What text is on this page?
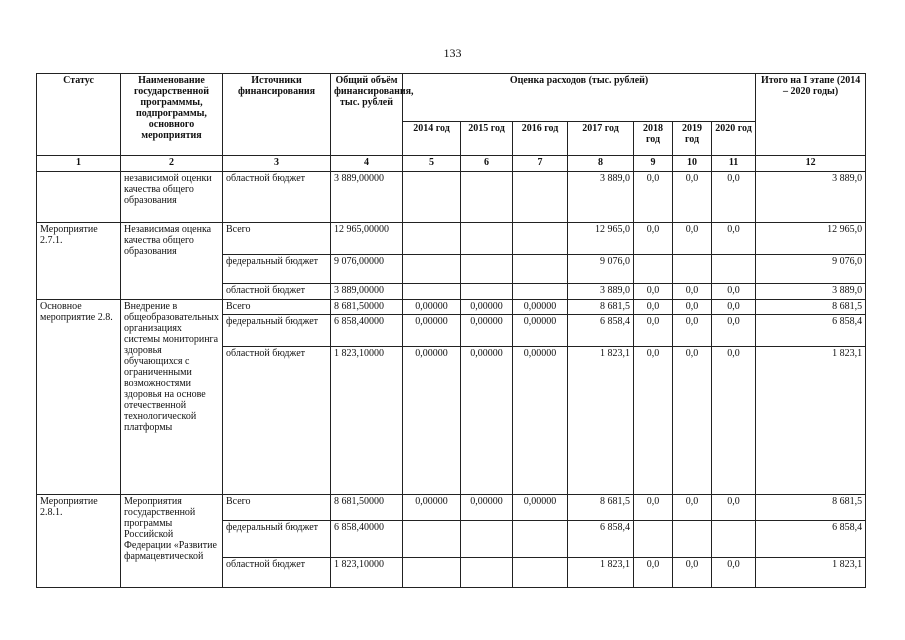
133
Статус	Наименование государственной программмы, подпрограммы, основного мероприятия	Источники финансирования	Общий объём финансирования, тыс. рублей	Оценка расходов (тыс. рублей)							Итого на I этапе (2014 – 2020 годы)
				2014 год	2015 год	2016 год	2017 год	2018 год	2019 год	2020 год	
1	2	3	4	5	6	7	8	9	10	11	12
	независимой оценки качества общего образования	областной бюджет	3 889,00000				3 889,0	0,0	0,0	0,0	3 889,0
Мероприятие 2.7.1.	Независимая оценка качества общего образования	Всего	12 965,00000				12 965,0	0,0	0,0	0,0	12 965,0
		федеральный бюджет	9 076,00000				9 076,0				9 076,0
		областной бюджет	3 889,00000				3 889,0	0,0	0,0	0,0	3 889,0
Основное мероприятие 2.8.	Внедрение в общеобразовательных организациях системы мониторинга здоровья обучающихся с ограниченными возможностями здоровья на основе отечественной технологической платформы	Всего	8 681,50000	0,00000	0,00000	0,00000	8 681,5	0,0	0,0	0,0	8 681,5
		федеральный бюджет	6 858,40000	0,00000	0,00000	0,00000	6 858,4	0,0	0,0	0,0	6 858,4
		областной бюджет	1 823,10000	0,00000	0,00000	0,00000	1 823,1	0,0	0,0	0,0	1 823,1
Мероприятие 2.8.1.	Мероприятия государственной программы Российской Федерации «Развитие фармацевтической	Всего	8 681,50000	0,00000	0,00000	0,00000	8 681,5	0,0	0,0	0,0	8 681,5
		федеральный бюджет	6 858,40000				6 858,4				6 858,4
		областной бюджет	1 823,10000				1 823,1	0,0	0,0	0,0	1 823,1
